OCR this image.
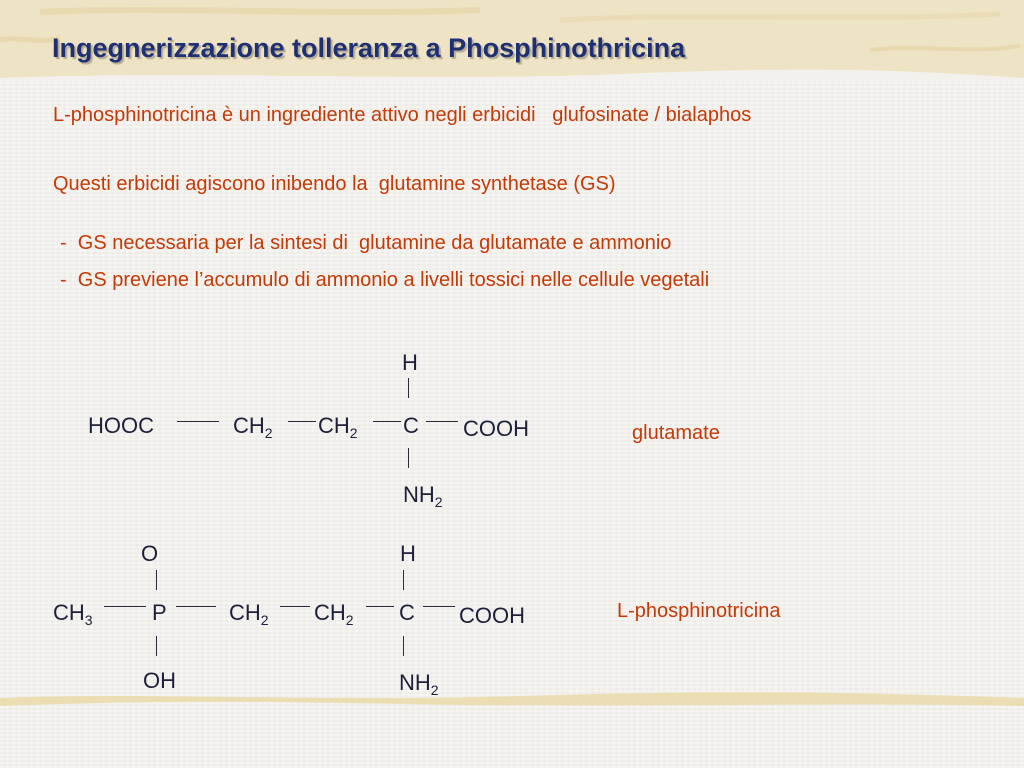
Ingegnerizzazione tolleranza a Phosphinothricina
L-phosphinotricina è un ingrediente attivo negli erbicidi   glufosinate / bialaphos
Questi erbicidi agiscono inibendo la  glutamine synthetase (GS)
-  GS necessaria per la sintesi di  glutamine da glutamate e ammonio
-  GS previene l’accumulo di ammonio a livelli tossici nelle cellule vegetali
H
HOOC	$CH_2$ $CH_2$ C COOH
$NH_2$
glutamate
O	H
$CH_3$	P	$CH_2$ $CH_2$ C COOH
OH	$NH_2$
L-phosphinotricina
